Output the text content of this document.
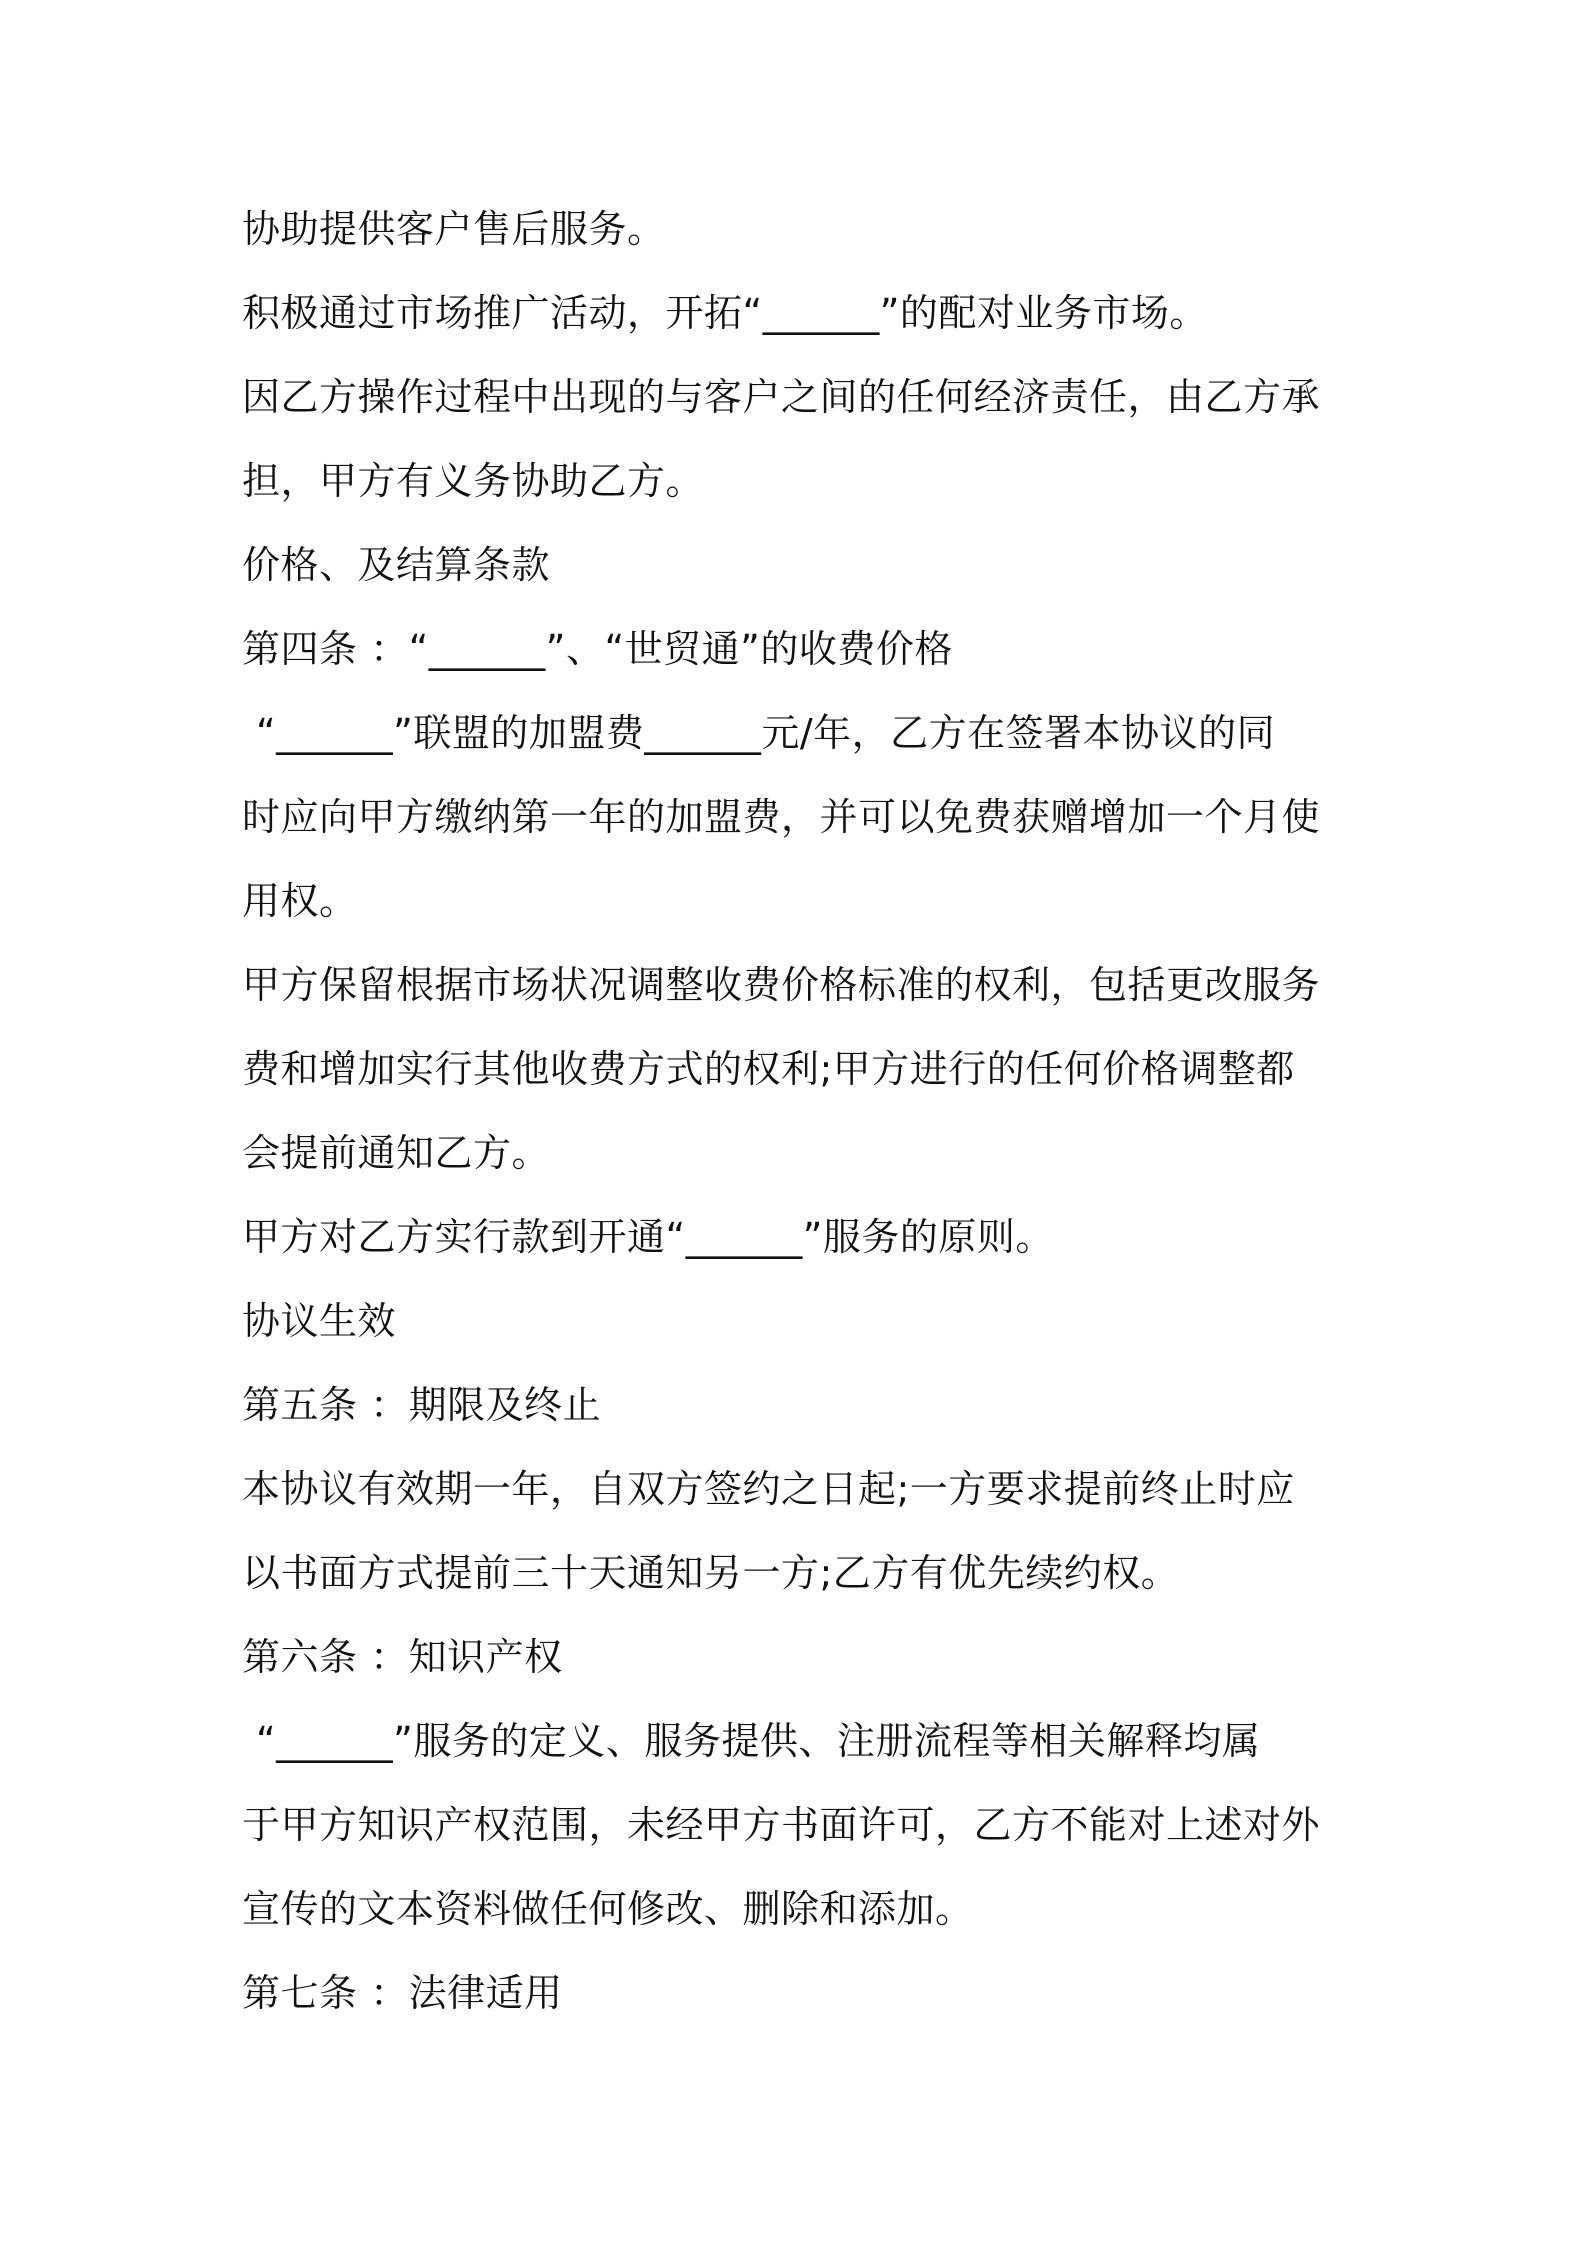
协助提供客户售后服务。
积极通过市场推广活动，开拓“______”的配对业务市场。
因乙方操作过程中出现的与客户之间的任何经济责任，由乙方承
担，甲方有义务协助乙方。
价格、及结算条款
第四条 ：“______”、“世贸通”的收费价格
“______”联盟的加盟费______元/年，乙方在签署本协议的同
时应向甲方缴纳第一年的加盟费，并可以免费获赠增加一个月使
用权。
甲方保留根据市场状况调整收费价格标准的权利，包括更改服务
费和增加实行其他收费方式的权利;甲方进行的任何价格调整都
会提前通知乙方。
甲方对乙方实行款到开通“______”服务的原则。
协议生效
第五条 ：期限及终止
本协议有效期一年，自双方签约之日起;一方要求提前终止时应
以书面方式提前三十天通知另一方;乙方有优先续约权。
第六条 ：知识产权
“______”服务的定义、服务提供、注册流程等相关解释均属
于甲方知识产权范围，未经甲方书面许可，乙方不能对上述对外
宣传的文本资料做任何修改、删除和添加。
第七条 ：法律适用
